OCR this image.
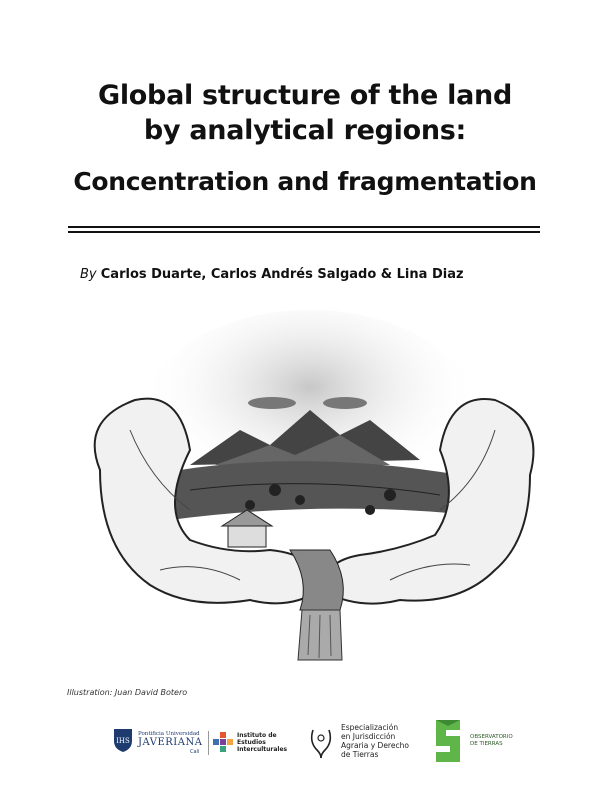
Global structure of the land
by analytical regions:
Concentration and fragmentation
By Carlos Duarte, Carlos Andrés Salgado & Lina Diaz
Illustration: Juan David Botero
IHS
Pontificia Universidad
JAVERIANA
Cali
Instituto de
Estudios
Interculturales
Especialización
en Jurisdicción
Agraria y Derecho
de Tierras
OBSERVATORIO
DE TIERRAS
